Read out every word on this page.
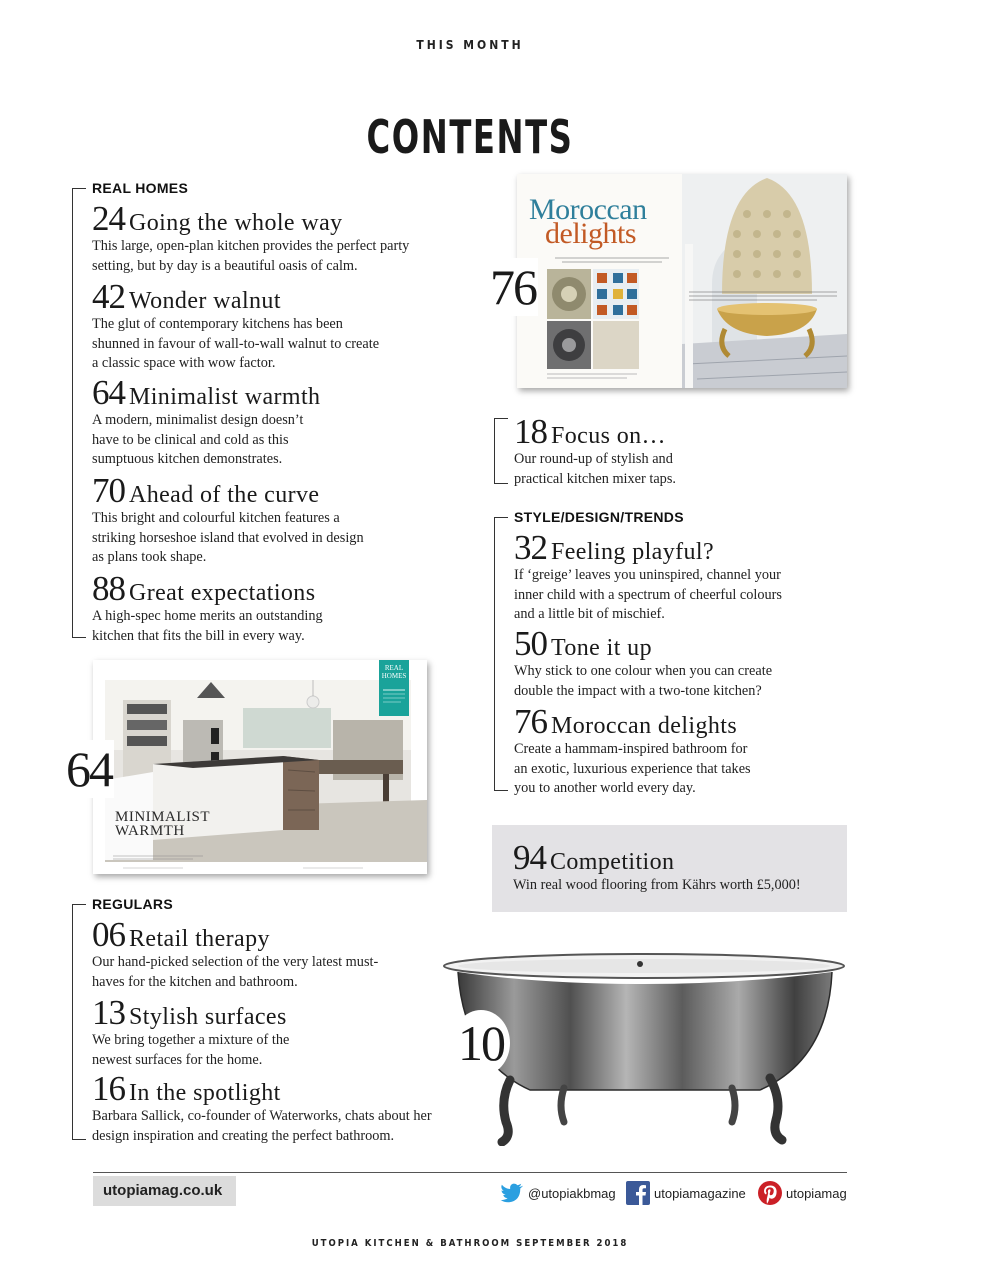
THIS MONTH
CONTENTS
REAL HOMES
24 Going the whole way
This large, open-plan kitchen provides the perfect party setting, but by day is a beautiful oasis of calm.
42 Wonder walnut
The glut of contemporary kitchens has been shunned in favour of wall-to-wall walnut to create a classic space with wow factor.
64 Minimalist warmth
A modern, minimalist design doesn’t have to be clinical and cold as this sumptuous kitchen demonstrates.
70 Ahead of the curve
This bright and colourful kitchen features a striking horseshoe island that evolved in design as plans took shape.
88 Great expectations
A high-spec home merits an outstanding kitchen that fits the bill in every way.
Moroccan
delights
76
18 Focus on…
Our round-up of stylish and practical kitchen mixer taps.
STYLE/DESIGN/TRENDS
32 Feeling playful?
If ‘greige’ leaves you uninspired, channel your inner child with a spectrum of cheerful colours and a little bit of mischief.
50 Tone it up
Why stick to one colour when you can create double the impact with a two-tone kitchen?
76 Moroccan delights
Create a hammam-inspired bathroom for an exotic, luxurious experience that takes you to another world every day.
REAL
HOMES
MINIMALIST
WARMTH
64
94 Competition
Win real wood flooring from Kährs worth £5,000!
REGULARS
06 Retail therapy
Our hand-picked selection of the very latest must-haves for the kitchen and bathroom.
13 Stylish surfaces
We bring together a mixture of the newest surfaces for the home.
16 In the spotlight
Barbara Sallick, co-founder of Waterworks, chats about her design inspiration and creating the perfect bathroom.
10
utopiamag.co.uk	@utopiakbmag	utopiamagazine	utopiamag
UTOPIA KITCHEN & BATHROOM SEPTEMBER 2018
